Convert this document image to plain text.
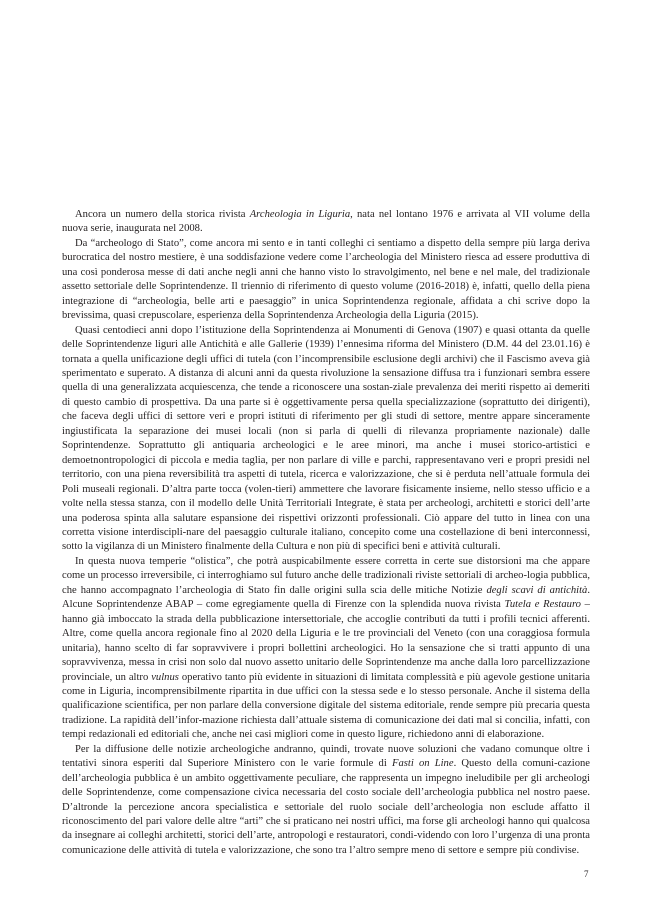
Ancora un numero della storica rivista Archeologia in Liguria, nata nel lontano 1976 e arrivata al VII volume della nuova serie, inaugurata nel 2008.

Da “archeologo di Stato”, come ancora mi sento e in tanti colleghi ci sentiamo a dispetto della sempre più larga deriva burocratica del nostro mestiere, è una soddisfazione vedere come l’archeologia del Ministero riesca ad essere produttiva di una così ponderosa messe di dati anche negli anni che hanno visto lo stravolgimento, nel bene e nel male, del tradizionale assetto settoriale delle Soprintendenze. Il triennio di riferimento di questo volume (2016-2018) è, infatti, quello della piena integrazione di “archeologia, belle arti e paesaggio” in unica Soprintendenza regionale, affidata a chi scrive dopo la brevissima, quasi crepuscolare, esperienza della Soprintendenza Archeologia della Liguria (2015).

Quasi centodieci anni dopo l’istituzione della Soprintendenza ai Monumenti di Genova (1907) e quasi ottanta da quelle delle Soprintendenze liguri alle Antichità e alle Gallerie (1939) l’ennesima riforma del Ministero (D.M. 44 del 23.01.16) è tornata a quella unificazione degli uffici di tutela (con l’incomprensibile esclusione degli archivi) che il Fascismo aveva già sperimentato e superato. A distanza di alcuni anni da questa rivoluzione la sensazione diffusa tra i funzionari sembra essere quella di una generalizzata acquiescenza, che tende a riconoscere una sostan-ziale prevalenza dei meriti rispetto ai demeriti di questo cambio di prospettiva. Da una parte si è oggettivamente persa quella specializzazione (soprattutto dei dirigenti), che faceva degli uffici di settore veri e propri istituti di riferimento per gli studi di settore, mentre appare sinceramente ingiustificata la separazione dei musei locali (non si parla di quelli di rilevanza propriamente nazionale) dalle Soprintendenze. Soprattutto gli antiquaria archeologici e le aree minori, ma anche i musei storico-artistici e demoetnontropologici di piccola e media taglia, per non parlare di ville e parchi, rappresentavano veri e propri presidi nel territorio, con una piena reversibilità tra aspetti di tutela, ricerca e valorizzazione, che si è perduta nell’attuale formula dei Poli museali regionali. D’altra parte tocca (volen-tieri) ammettere che lavorare fisicamente insieme, nello stesso ufficio e a volte nella stessa stanza, con il modello delle Unità Territoriali Integrate, è stata per archeologi, architetti e storici dell’arte una poderosa spinta alla salutare espansione dei rispettivi orizzonti professionali. Ciò appare del tutto in linea con una corretta visione interdiscipli-nare del paesaggio culturale italiano, concepito come una costellazione di beni interconnessi, sotto la vigilanza di un Ministero finalmente della Cultura e non più di specifici beni e attività culturali.

In questa nuova temperie “olistica”, che potrà auspicabilmente essere corretta in certe sue distorsioni ma che appare come un processo irreversibile, ci interroghiamo sul futuro anche delle tradizionali riviste settoriali di archeo-logia pubblica, che hanno accompagnato l’archeologia di Stato fin dalle origini sulla scia delle mitiche Notizie degli scavi di antichità. Alcune Soprintendenze ABAP – come egregiamente quella di Firenze con la splendida nuova rivista Tutela e Restauro – hanno già imboccato la strada della pubblicazione intersettoriale, che accoglie contributi da tutti i profili tecnici afferenti. Altre, come quella ancora regionale fino al 2020 della Liguria e le tre provinciali del Veneto (con una coraggiosa formula unitaria), hanno scelto di far sopravvivere i propri bollettini archeologici. Ho la sensazione che si tratti appunto di una sopravvivenza, messa in crisi non solo dal nuovo assetto unitario delle Soprintendenze ma anche dalla loro parcellizzazione provinciale, un altro vulnus operativo tanto più evidente in situazioni di limitata complessità e più agevole gestione unitaria come in Liguria, incomprensibilmente ripartita in due uffici con la stessa sede e lo stesso personale. Anche il sistema della qualificazione scientifica, per non parlare della conversione digitale del sistema editoriale, rende sempre più precaria questa tradizione. La rapidità dell’infor-mazione richiesta dall’attuale sistema di comunicazione dei dati mal si concilia, infatti, con tempi redazionali ed editoriali che, anche nei casi migliori come in questo ligure, richiedono anni di elaborazione.

Per la diffusione delle notizie archeologiche andranno, quindi, trovate nuove soluzioni che vadano comunque oltre i tentativi sinora esperiti dal Superiore Ministero con le varie formule di Fasti on Line. Questo della comuni-cazione dell’archeologia pubblica è un ambito oggettivamente peculiare, che rappresenta un impegno ineludibile per gli archeologi delle Soprintendenze, come compensazione civica necessaria del costo sociale dell’archeologia pubblica nel nostro paese. D’altronde la percezione ancora specialistica e settoriale del ruolo sociale dell’archeologia non esclude affatto il riconoscimento del pari valore delle altre “arti” che si praticano nei nostri uffici, ma forse gli archeologi hanno qui qualcosa da insegnare ai colleghi architetti, storici dell’arte, antropologi e restauratori, condi-videndo con loro l’urgenza di una pronta comunicazione delle attività di tutela e valorizzazione, che sono tra l’altro sempre meno di settore e sempre più condivise.

7
